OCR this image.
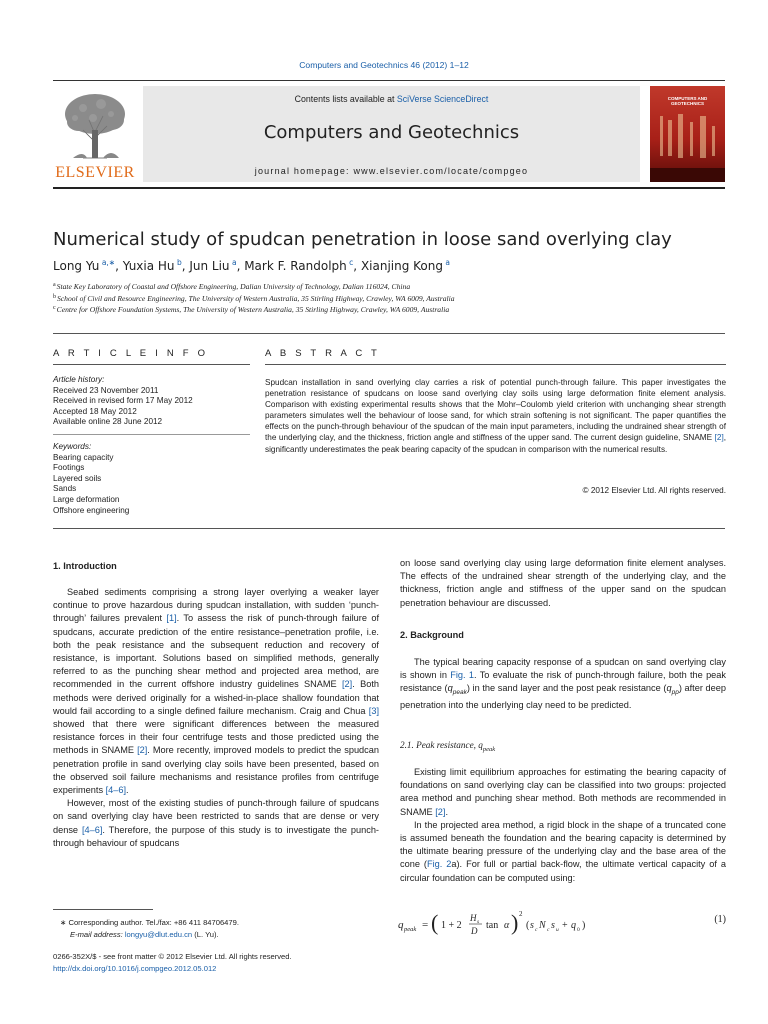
Computers and Geotechnics 46 (2012) 1–12
ELSEVIER
Contents lists available at SciVerse ScienceDirect
Computers and Geotechnics
journal homepage: www.elsevier.com/locate/compgeo
COMPUTERS AND GEOTECHNICS
Numerical study of spudcan penetration in loose sand overlying clay
Long Yu  $^{a,∗}$, Yuxia Hu  $^b$, Jun Liu  $^a$, Mark F. Randolph  $^c$, Xianjing Kong  $^a$
$^a$State Key Laboratory of Coastal and Offshore Engineering, Dalian University of Technology, Dalian 116024, China
$^b$School of Civil and Resource Engineering, The University of Western Australia, 35 Stirling Highway, Crawley, WA 6009, Australia
$^c$Centre for Offshore Foundation Systems, The University of Western Australia, 35 Stirling Highway, Crawley, WA 6009, Australia
A R T I C L E I N F O
Article history:
Received 23 November 2011
Received in revised form 17 May 2012
Accepted 18 May 2012
Available online 28 June 2012
Keywords:
Bearing capacity
Footings
Layered soils
Sands
Large deformation
Offshore engineering
A B S T R A C T
Spudcan installation in sand overlying clay carries a risk of potential punch-through failure. This paper investigates the penetration resistance of spudcans on loose sand overlying clay soils using large deformation finite element analysis. Comparison with existing experimental results shows that the Mohr–Coulomb yield criterion with unchanging shear strength parameters simulates well the behaviour of loose sand, for which strain softening is not significant. The paper quantifies the effects on the punch-through behaviour of the spudcan of the main input parameters, including the undrained shear strength of the underlying clay, and the thickness, friction angle and stiffness of the upper sand. The current design guideline, SNAME [2], significantly underestimates the peak bearing capacity of the spudcan in comparison with the numerical results.
© 2012 Elsevier Ltd. All rights reserved.
1. Introduction

Seabed sediments comprising a strong layer overlying a weaker layer continue to prove hazardous during spudcan installation, with sudden ‘punch-through’ failures prevalent [1]. To assess the risk of punch-through failure of spudcans, accurate prediction of the entire resistance–penetration profile, i.e. both the peak resistance and the subsequent reduction and recovery of resistance, is important. Solutions based on simplified methods, generally referred to as the punching shear method and projected area method, are recommended in the current offshore industry guidelines SNAME [2]. Both methods were derived originally for a wished-in-place shallow foundation that would fail according to a single defined failure mechanism. Craig and Chua [3] showed that there were significant differences between the measured resistance forces in their four centrifuge tests and those predicted using the methods in SNAME [2]. More recently, improved models to predict the spudcan penetration profile in sand overlying clay soils have been presented, based on the observed soil failure mechanisms and resistance profiles from centrifuge experiments [4–6].

However, most of the existing studies of punch-through failure of spudcans on sand overlying clay have been restricted to sands that are dense or very dense [4–6]. Therefore, the purpose of this study is to investigate the punch-through behaviour of spudcans

∗ Corresponding author. Tel./fax: +86 411 84706479.
E-mail address: longyu@dlut.edu.cn (L. Yu).
0266-352X/$ - see front matter © 2012 Elsevier Ltd. All rights reserved.
http://dx.doi.org/10.1016/j.compgeo.2012.05.012

on loose sand overlying clay using large deformation finite element analyses. The effects of the undrained shear strength of the underlying clay, and the thickness, friction angle and stiffness of the upper sand on the spudcan penetration behaviour are discussed.

2. Background

The typical bearing capacity response of a spudcan on sand overlying clay is shown in Fig. 1. To evaluate the risk of punch-through failure, both the peak resistance $(q_{peak})$ in the sand layer and the post peak resistance $(q_{pp})$ after deep penetration into the underlying clay need to be predicted.

2.1. Peak resistance, $q_{peak}$

Existing limit equilibrium approaches for estimating the bearing capacity of foundations on sand overlying clay can be classified into two groups: projected area method and punching shear method. Both methods are recommended in SNAME [2].

In the projected area method, a rigid block in the shape of a truncated cone is assumed beneath the foundation and the bearing capacity is determined by the ultimate bearing pressure of the underlying clay and the base area of the cone (Fig. 2a). For full or partial back-flow, the ultimate vertical capacity of a circular foundation can be computed using:

q peak = ( 1 + 2
H s
D tan α ) 2
( s c N c s u + q 0 )
(1)
